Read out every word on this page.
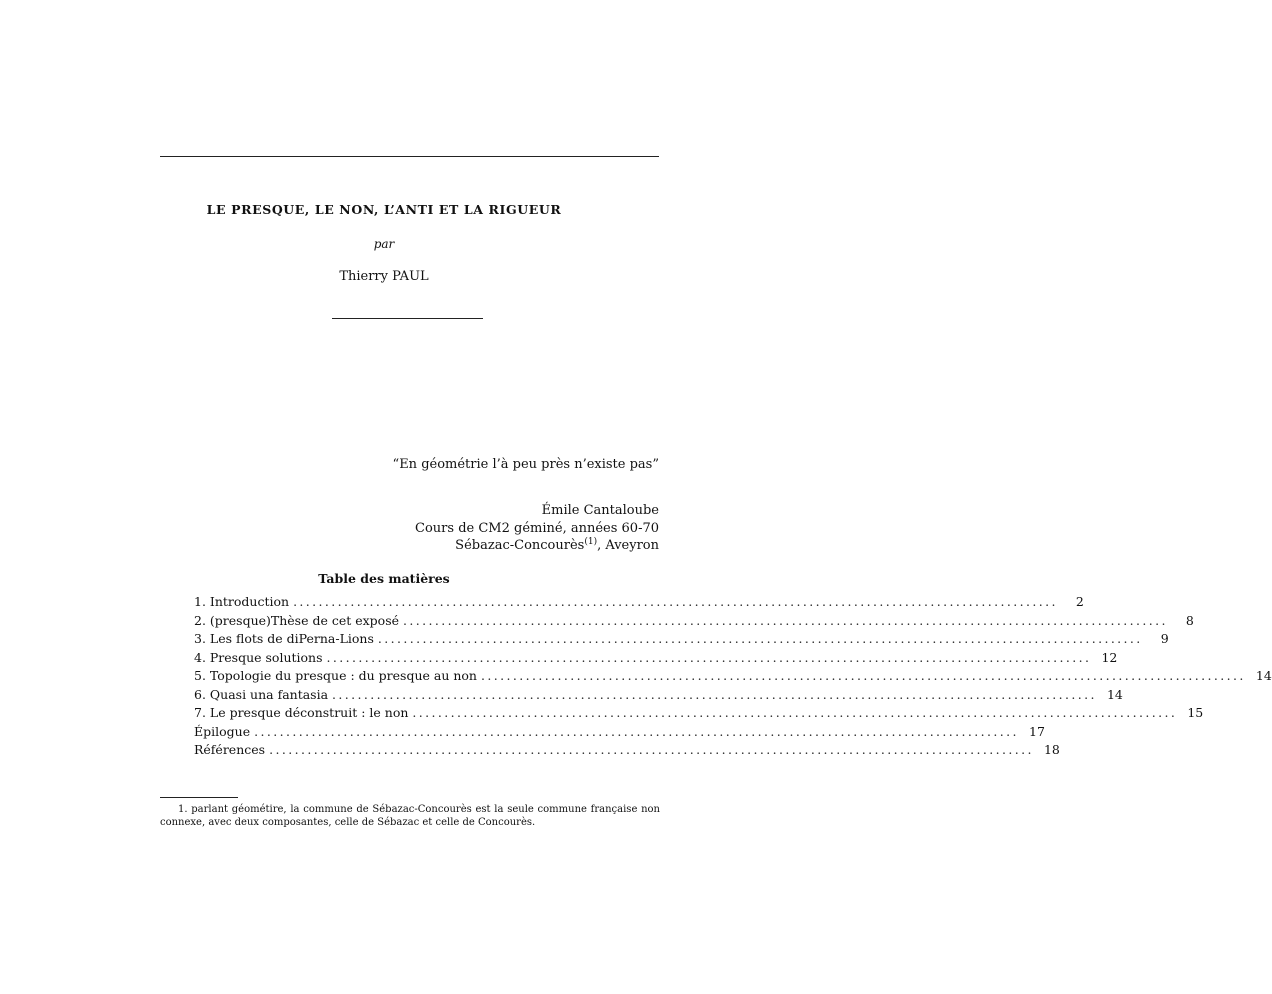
LE PRESQUE, LE NON, L’ANTI ET LA RIGUEUR
par
Thierry PAUL
“En géométrie l’à peu près n’existe pas”
Émile Cantaloube
Cours de CM2 géminé, années 60-70
Sébazac-Concourès$^{(1)}$, Aveyron
Table des matières
1. Introduction ........................................................................................................................	2
2. (presque)Thèse de cet exposé ........................................................................................................................	8
3. Les flots de diPerna-Lions ........................................................................................................................	9
4. Presque solutions ........................................................................................................................ 12
5. Topologie du presque : du presque au non ........................................................................................................................ 14
6. Quasi una fantasia ........................................................................................................................ 14
7. Le presque déconstruit : le non ........................................................................................................................ 15
Épilogue ........................................................................................................................ 17
Références ........................................................................................................................ 18
1. parlant géométire, la commune de Sébazac-Concourès est la seule commune française non connexe, avec deux composantes, celle de Sébazac et celle de Concourès.
